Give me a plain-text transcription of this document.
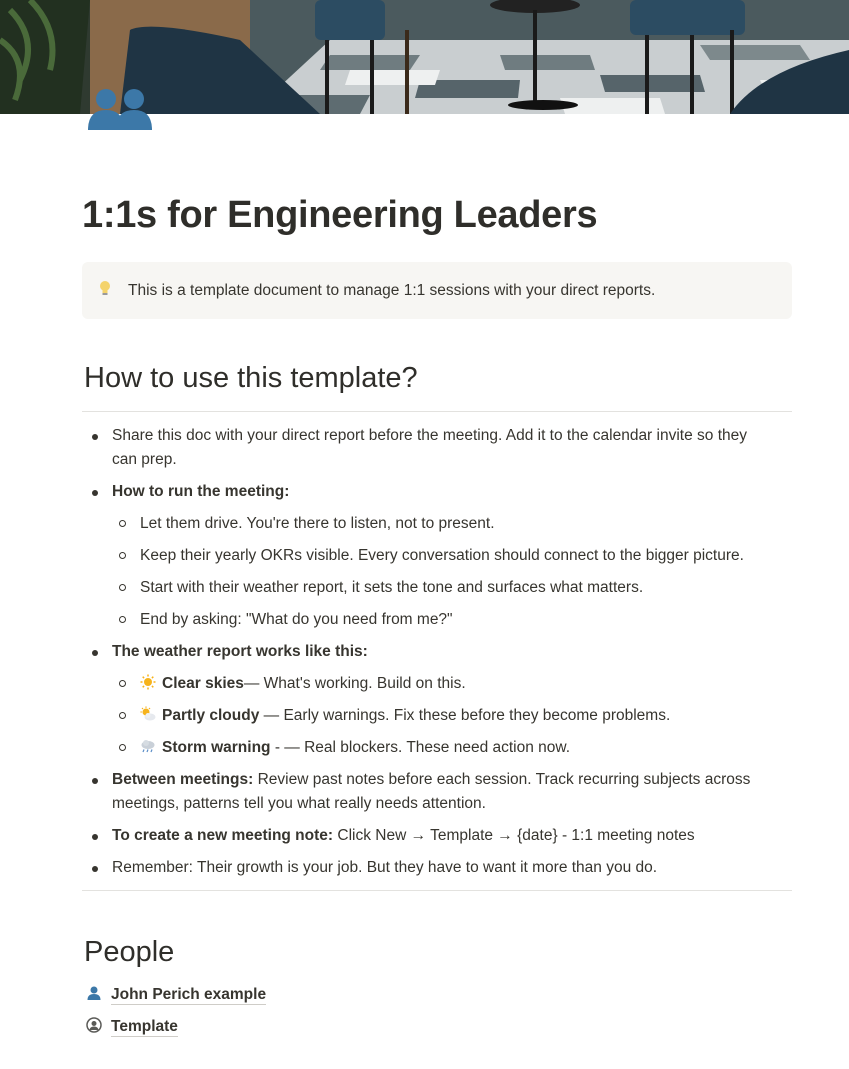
1:1s for Engineering Leaders
This is a template document to manage 1:1 sessions with your direct reports.
How to use this template?
Share this doc with your direct report before the meeting. Add it to the calendar invite so they
can prep.
How to run the meeting:
Let them drive. You're there to listen, not to present.
Keep their yearly OKRs visible. Every conversation should connect to the bigger picture.
Start with their weather report, it sets the tone and surfaces what matters.
End by asking: "What do you need from me?"
The weather report works like this:
Clear skies— What's working. Build on this.
Partly cloudy — Early warnings. Fix these before they become problems.
Storm warning - — Real blockers. These need action now.
Between meetings: Review past notes before each session. Track recurring subjects across
meetings, patterns tell you what really needs attention.
To create a new meeting note: Click New → Template → {date} - 1:1 meeting notes
Remember: Their growth is your job. But they have to want it more than you do.
People
John Perich example
Template
